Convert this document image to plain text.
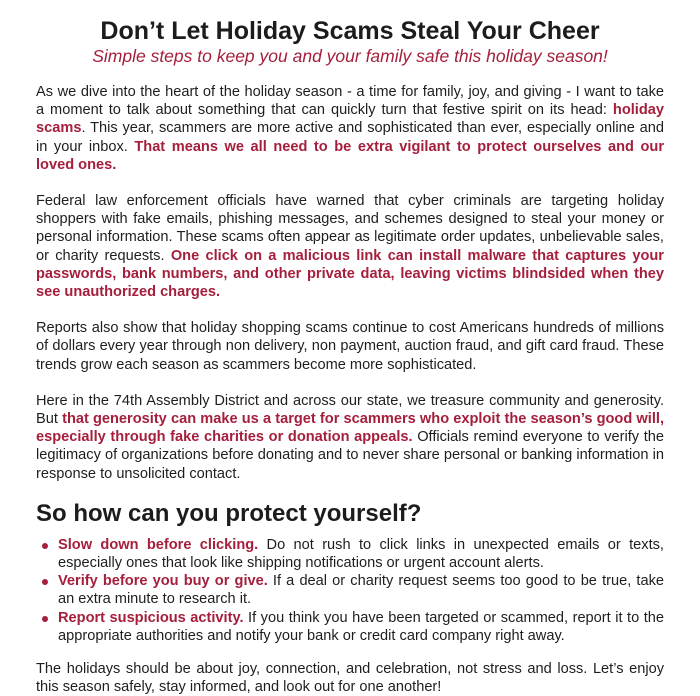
Don’t Let Holiday Scams Steal Your Cheer
Simple steps to keep you and your family safe this holiday season!

As we dive into the heart of the holiday season - a time for family, joy, and giving - I want to take a moment to talk about something that can quickly turn that festive spirit on its head: holiday scams. This year, scammers are more active and sophisticated than ever, especially online and in your inbox. That means we all need to be extra vigilant to protect ourselves and our loved ones.

Federal law enforcement officials have warned that cyber criminals are targeting holiday shoppers with fake emails, phishing messages, and schemes designed to steal your money or personal information. These scams often appear as legitimate order updates, unbelievable sales, or charity requests. One click on a malicious link can install malware that captures your passwords, bank numbers, and other private data, leaving victims blindsided when they see unauthorized charges.

Reports also show that holiday shopping scams continue to cost Americans hundreds of millions of dollars every year through non delivery, non payment, auction fraud, and gift card fraud. These trends grow each season as scammers become more sophisticated.

Here in the 74th Assembly District and across our state, we treasure community and generosity. But that generosity can make us a target for scammers who exploit the season’s good will, especially through fake charities or donation appeals. Officials remind everyone to verify the legitimacy of organizations before donating and to never share personal or banking information in response to unsolicited contact.

So how can you protect yourself?
Slow down before clicking. Do not rush to click links in unexpected emails or texts, especially ones that look like shipping notifications or urgent account alerts.
Verify before you buy or give. If a deal or charity request seems too good to be true, take an extra minute to research it.
Report suspicious activity. If you think you have been targeted or scammed, report it to the appropriate authorities and notify your bank or credit card company right away.

The holidays should be about joy, connection, and celebration, not stress and loss. Let’s enjoy this season safely, stay informed, and look out for one another!
